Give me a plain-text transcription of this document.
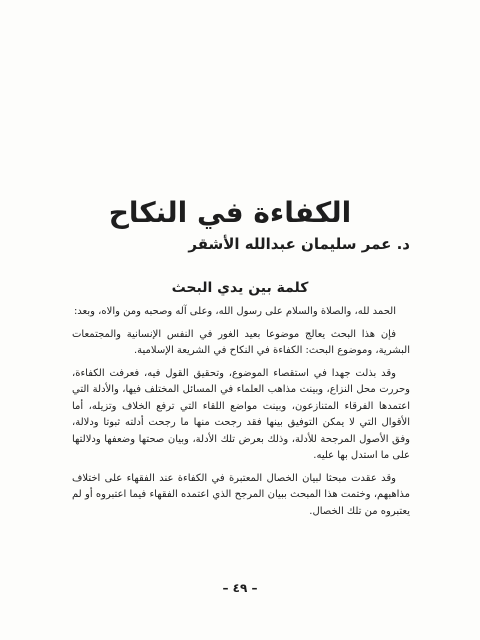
الكفاءة في النكاح
د. عمر سليمان عبدالله الأشقر
كلمة بين يدي البحث

الحمد لله، والصلاة والسلام على رسول الله، وعلى آله وصحبه ومن والاه، وبعد:

فإن هذا البحث يعالج موضوعا بعيد الغور في النفس الإنسانية والمجتمعات البشرية، وموضوع البحث: الكفاءة في النكاح في الشريعة الإسلامية.

وقد بذلت جهدا في استقصاء الموضوع، وتحقيق القول فيه، فعرفت الكفاءة، وحررت محل النزاع، وبينت مذاهب العلماء في المسائل المختلف فيها، والأدلة التي اعتمدها الفرقاء المتنازعون، وبينت مواضع اللقاء التي ترفع الخلاف وتزيله، أما الأقوال التي لا يمكن التوفيق بينها فقد رجحت منها ما رجحت أدلته ثبوتا ودلالة، وفق الأصول المرجحة للأدلة، وذلك بعرض تلك الأدلة، وبيان صحتها وضعفها ودلالتها على ما استدل بها عليه.

وقد عقدت مبحثا لبيان الخصال المعتبرة في الكفاءة عند الفقهاء على اختلاف مذاهبهم، وختمت هذا المبحث ببيان المرجح الذي اعتمده الفقهاء فيما اعتبروه أو لم يعتبروه من تلك الخصال.

– ٤٩ –
